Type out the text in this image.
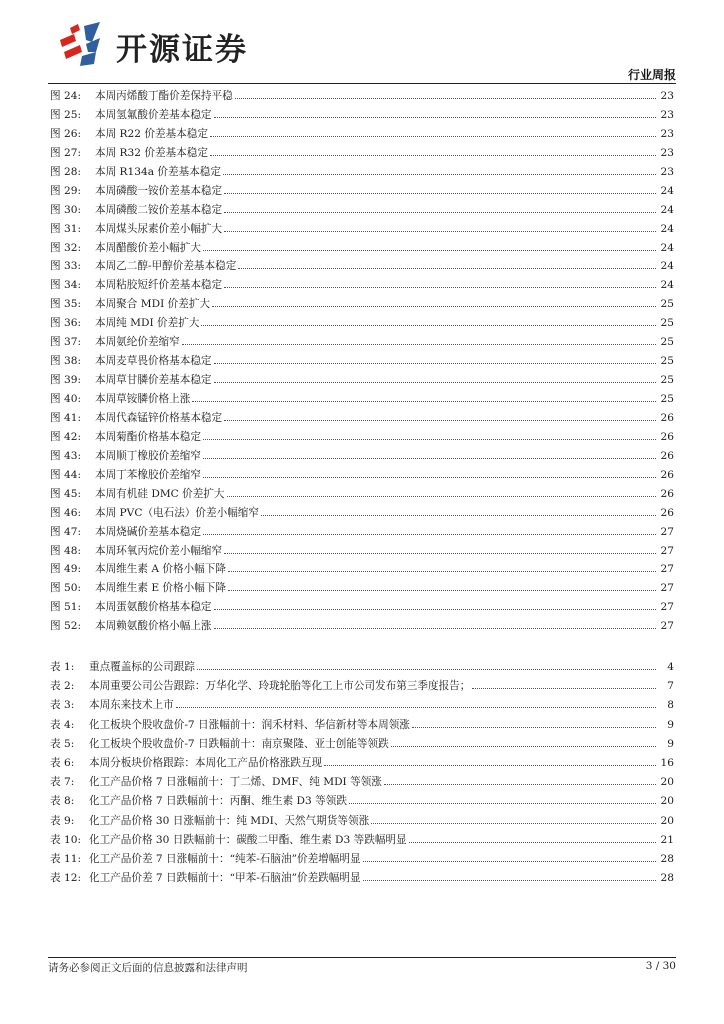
开源证券
行业周报
图 24:	本周丙烯酸丁酯价差保持平稳	23
图 25:	本周氢氟酸价差基本稳定	23
图 26:	本周 R22 价差基本稳定	23
图 27:	本周 R32 价差基本稳定	23
图 28:	本周 R134a 价差基本稳定	23
图 29:	本周磷酸一铵价差基本稳定	24
图 30:	本周磷酸二铵价差基本稳定	24
图 31:	本周煤头尿素价差小幅扩大	24
图 32:	本周醋酸价差小幅扩大	24
图 33:	本周乙二醇-甲醇价差基本稳定	24
图 34:	本周粘胶短纤价差基本稳定	24
图 35:	本周聚合 MDI 价差扩大	25
图 36:	本周纯 MDI 价差扩大	25
图 37:	本周氨纶价差缩窄	25
图 38:	本周麦草畏价格基本稳定	25
图 39:	本周草甘膦价差基本稳定	25
图 40:	本周草铵膦价格上涨	25
图 41:	本周代森锰锌价格基本稳定	26
图 42:	本周菊酯价格基本稳定	26
图 43:	本周顺丁橡胶价差缩窄	26
图 44:	本周丁苯橡胶价差缩窄	26
图 45:	本周有机硅 DMC 价差扩大	26
图 46:	本周 PVC（电石法）价差小幅缩窄	26
图 47:	本周烧碱价差基本稳定	27
图 48:	本周环氧丙烷价差小幅缩窄	27
图 49:	本周维生素 A 价格小幅下降	27
图 50:	本周维生素 E 价格小幅下降	27
图 51:	本周蛋氨酸价格基本稳定	27
图 52:	本周赖氨酸价格小幅上涨	27
表 1:	重点覆盖标的公司跟踪	4
表 2:	本周重要公司公告跟踪：万华化学、玲珑轮胎等化工上市公司发布第三季度报告；	7
表 3:	本周东来技术上市	8
表 4:	化工板块个股收盘价-7 日涨幅前十：润禾材料、华信新材等本周领涨	9
表 5:	化工板块个股收盘价-7 日跌幅前十：南京聚隆、亚士创能等领跌	9
表 6:	本周分板块价格跟踪：本周化工产品价格涨跌互现	16
表 7:	化工产品价格 7 日涨幅前十：丁二烯、DMF、纯 MDI 等领涨	20
表 8:	化工产品价格 7 日跌幅前十：丙酮、维生素 D3 等领跌	20
表 9:	化工产品价格 30 日涨幅前十：纯 MDI、天然气期货等领涨	20
表 10: 化工产品价格 30 日跌幅前十：碳酸二甲酯、维生素 D3 等跌幅明显	21
表 11: 化工产品价差 7 日涨幅前十：“纯苯-石脑油”价差增幅明显	28
表 12: 化工产品价差 7 日跌幅前十：“甲苯-石脑油”价差跌幅明显	28
请务必参阅正文后面的信息披露和法律声明	3 / 30
